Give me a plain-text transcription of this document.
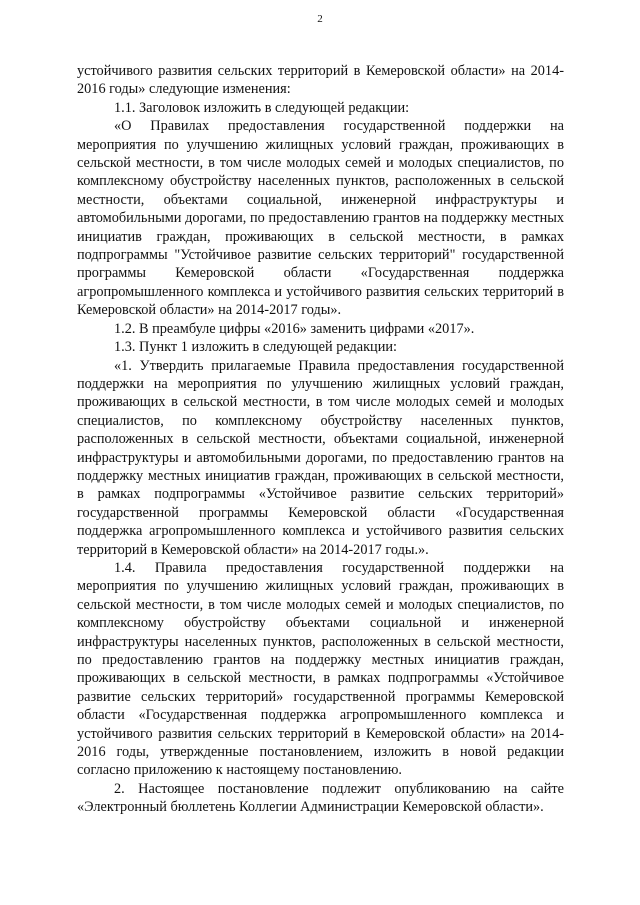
2

устойчивого развития сельских территорий в Кемеровской области» на 2014-2016 годы» следующие изменения:

1.1. Заголовок изложить в следующей редакции:

«О Правилах предоставления государственной поддержки на мероприятия по улучшению жилищных условий граждан, проживающих в сельской местности, в том числе молодых семей и молодых специалистов, по комплексному обустройству населенных пунктов, расположенных в сельской местности, объектами социальной, инженерной инфраструктуры и автомобильными дорогами, по предоставлению грантов на поддержку местных инициатив граждан, проживающих в сельской местности, в рамках подпрограммы "Устойчивое развитие сельских территорий" государственной программы Кемеровской области «Государственная поддержка агропромышленного комплекса и устойчивого развития сельских территорий в Кемеровской области» на 2014-2017 годы».

1.2. В преамбуле цифры «2016» заменить цифрами «2017».

1.3. Пункт 1 изложить в следующей редакции:

«1. Утвердить прилагаемые Правила предоставления государственной поддержки на мероприятия по улучшению жилищных условий граждан, проживающих в сельской местности, в том числе молодых семей и молодых специалистов, по комплексному обустройству населенных пунктов, расположенных в сельской местности, объектами социальной, инженерной инфраструктуры и автомобильными дорогами, по предоставлению грантов на поддержку местных инициатив граждан, проживающих в сельской местности, в рамках подпрограммы «Устойчивое развитие сельских территорий» государственной программы Кемеровской области «Государственная поддержка агропромышленного комплекса и устойчивого развития сельских территорий в Кемеровской области» на 2014-2017 годы.».

1.4. Правила предоставления государственной поддержки на мероприятия по улучшению жилищных условий граждан, проживающих в сельской местности, в том числе молодых семей и молодых специалистов, по комплексному обустройству объектами социальной и инженерной инфраструктуры населенных пунктов, расположенных в сельской местности, по предоставлению грантов на поддержку местных инициатив граждан, проживающих в сельской местности, в рамках подпрограммы «Устойчивое развитие сельских территорий» государственной программы Кемеровской области «Государственная поддержка агропромышленного комплекса и устойчивого развития сельских территорий в Кемеровской области» на 2014-2016 годы, утвержденные постановлением, изложить в новой редакции согласно приложению к настоящему постановлению.

2. Настоящее постановление подлежит опубликованию на сайте «Электронный бюллетень Коллегии Администрации Кемеровской области».
